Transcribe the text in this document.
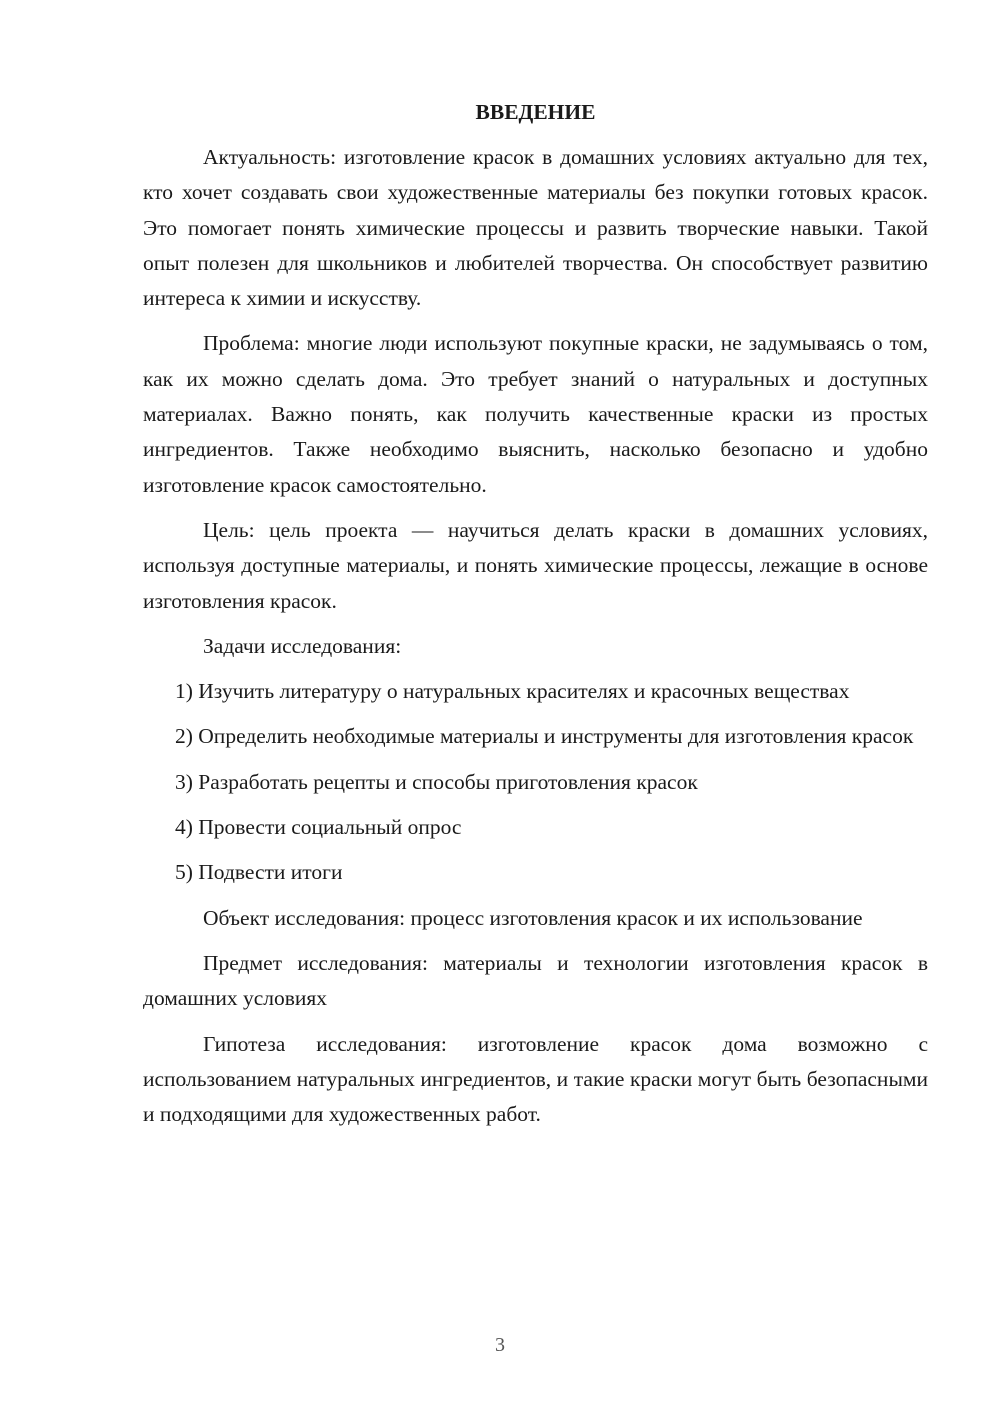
ВВЕДЕНИЕ

Актуальность: изготовление красок в домашних условиях актуально для тех, кто хочет создавать свои художественные материалы без покупки готовых красок. Это помогает понять химические процессы и развить творческие навыки. Такой опыт полезен для школьников и любителей творчества. Он способствует развитию интереса к химии и искусству.

Проблема: многие люди используют покупные краски, не задумываясь о том, как их можно сделать дома. Это требует знаний о натуральных и доступных материалах. Важно понять, как получить качественные краски из простых ингредиентов. Также необходимо выяснить, насколько безопасно и удобно изготовление красок самостоятельно.

Цель: цель проекта — научиться делать краски в домашних условиях, используя доступные материалы, и понять химические процессы, лежащие в основе изготовления красок.

Задачи исследования:

1) Изучить литературу о натуральных красителях и красочных веществах

2) Определить необходимые материалы и инструменты для изготовления красок

3) Разработать рецепты и способы приготовления красок

4) Провести социальный опрос

5) Подвести итоги

Объект исследования: процесс изготовления красок и их использование

Предмет исследования: материалы и технологии изготовления красок в домашних условиях

Гипотеза исследования: изготовление красок дома возможно с использованием натуральных ингредиентов, и такие краски могут быть безопасными и подходящими для художественных работ.

3
